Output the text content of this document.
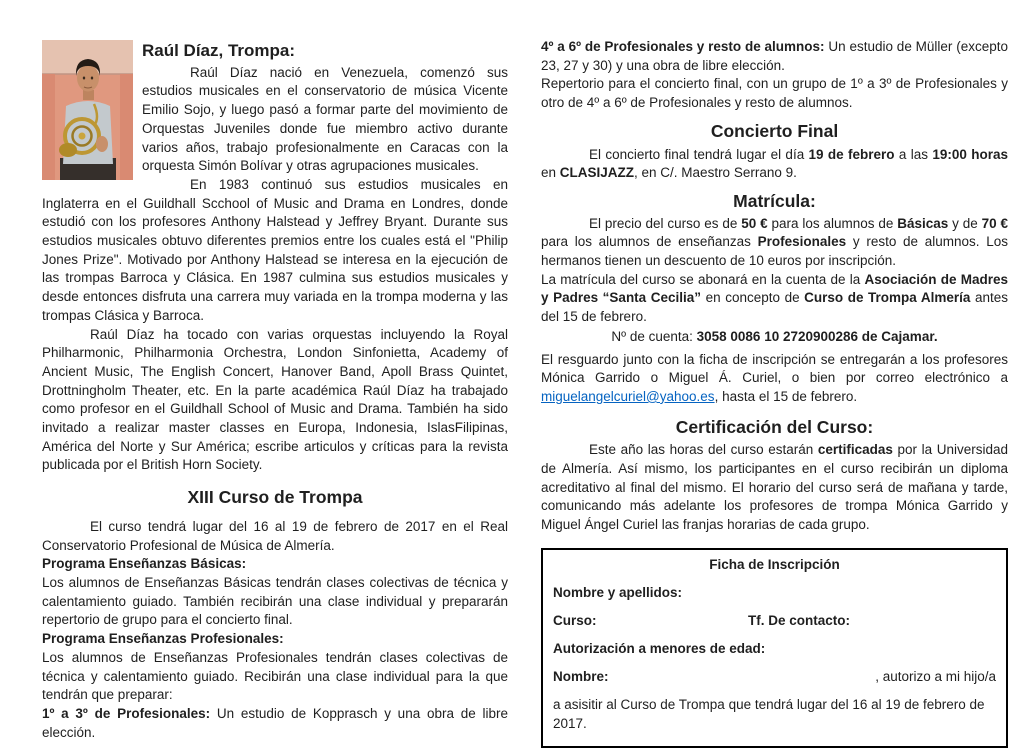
Raúl Díaz, Trompa:

Raúl Díaz nació en Venezuela, comenzó sus estudios musicales en el conservatorio de música Vicente Emilio Sojo, y luego pasó a formar parte del movimiento de Orquestas Juveniles donde fue miembro activo durante varios años, trabajo profesionalmente en Caracas con la orquesta Simón Bolívar y otras agrupaciones musicales.

En 1983 continuó sus estudios musicales en Inglaterra en el Guildhall Scchool of Music and Drama en Londres, donde estudió con los profesores Anthony Halstead y Jeffrey Bryant. Durante sus estudios musicales obtuvo diferentes premios entre los cuales está el "Philip Jones Prize". Motivado por Anthony Halstead se interesa en la ejecución de las trompas Barroca y Clásica. En 1987 culmina sus estudios musicales y desde entonces disfruta una carrera muy variada en la trompa moderna y las trompas Clásica y Barroca.

Raúl Díaz ha tocado con varias orquestas incluyendo la Royal Philharmonic, Philharmonia Orchestra, London Sinfonietta, Academy of Ancient Music, The English Concert, Hanover Band, Apoll Brass Quintet, Drottningholm Theater, etc. En la parte académica Raúl Díaz ha trabajado como profesor en el Guildhall School of Music and Drama. También ha sido invitado a realizar master classes en Europa, Indonesia, IslasFilipinas, América del Norte y Sur América; escribe articulos y críticas para la revista publicada por el British Horn Society.

XIII Curso de Trompa

El curso tendrá lugar del 16 al 19 de febrero de 2017 en el Real Conservatorio Profesional de Música de Almería.

Programa Enseñanzas Básicas:

Los alumnos de Enseñanzas Básicas tendrán clases colectivas de técnica y calentamiento guiado. También recibirán una clase individual y prepararán repertorio de grupo para el concierto final.

Programa Enseñanzas Profesionales:

Los alumnos de Enseñanzas Profesionales tendrán clases colectivas de técnica y calentamiento guiado. Recibirán una clase individual para la que tendrán que preparar:

1º a 3º de Profesionales: Un estudio de Kopprasch y una obra de libre elección.

4º a 6º de Profesionales y resto de alumnos: Un estudio de Müller (excepto 23, 27 y 30) y una obra de libre elección.

Repertorio para el concierto final, con un grupo de 1º a 3º de Profesionales y otro de 4º a 6º de Profesionales y resto de alumnos.

Concierto Final

El concierto final tendrá lugar el día 19 de febrero a las 19:00 horas en CLASIJAZZ, en C/. Maestro Serrano 9.

Matrícula:

El precio del curso es de 50 € para los alumnos de Básicas y de 70 € para los alumnos de enseñanzas Profesionales y resto de alumnos. Los hermanos tienen un descuento de 10 euros por inscripción.

La matrícula del curso se abonará en la cuenta de la Asociación de Madres y Padres “Santa Cecilia” en concepto de Curso de Trompa Almería antes del 15 de febrero.

Nº de cuenta: 3058 0086 10 2720900286 de Cajamar.

El resguardo junto con la ficha de inscripción se entregarán a los profesores Mónica Garrido o Miguel Á. Curiel, o bien por correo electrónico a miguelangelcuriel@yahoo.es, hasta el 15 de febrero.

Certificación del Curso:

Este año las horas del curso estarán certificadas por la Universidad de Almería. Así mismo, los participantes en el curso recibirán un diploma acreditativo al final del mismo. El horario del curso será de mañana y tarde, comunicando más adelante los profesores de trompa Mónica Garrido y Miguel Ángel Curiel las franjas horarias de cada grupo.

Ficha de Inscripción
Nombre y apellidos:
Curso:	Tf. De contacto:
Autorización a menores de edad:
Nombre:	, autorizo a mi hijo/a
a asisitir al Curso de Trompa que tendrá lugar del 16 al 19 de febrero de 2017.
